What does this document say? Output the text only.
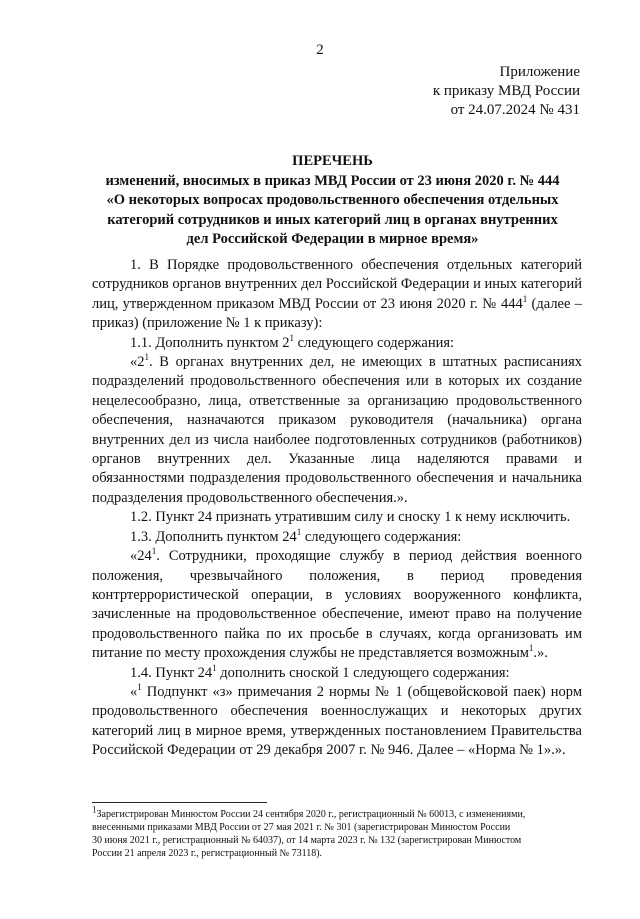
2
Приложение
к приказу МВД России
от 24.07.2024 № 431
ПЕРЕЧЕНЬ
изменений, вносимых в приказ МВД России от 23 июня 2020 г. № 444
«О некоторых вопросах продовольственного обеспечения отдельных
категорий сотрудников и иных категорий лиц в органах внутренних
дел Российской Федерации в мирное время»

1. В Порядке продовольственного обеспечения отдельных категорий сотрудников органов внутренних дел Российской Федерации и иных категорий лиц, утвержденном приказом МВД России от 23 июня 2020 г. № $444^1$ (далее – приказ) (приложение № 1 к приказу):

1.1. Дополнить пунктом $2^1$ следующего содержания:

«$2^1$. В органах внутренних дел, не имеющих в штатных расписаниях подразделений продовольственного обеспечения или в которых их создание нецелесообразно, лица, ответственные за организацию продовольственного обеспечения, назначаются приказом руководителя (начальника) органа внутренних дел из числа наиболее подготовленных сотрудников (работников) органов внутренних дел. Указанные лица наделяются правами и обязанностями подразделения продовольственного обеспечения и начальника подразделения продовольственного обеспечения.».

1.2. Пункт 24 признать утратившим силу и сноску 1 к нему исключить.

1.3. Дополнить пунктом $24^1$ следующего содержания:

«$24^1$. Сотрудники, проходящие службу в период действия военного положения, чрезвычайного положения, в период проведения контртеррористической операции, в условиях вооруженного конфликта, зачисленные на продовольственное обеспечение, имеют право на получение продовольственного пайка по их просьбе в случаях, когда организовать им питание по месту прохождения службы не представляется возможным$^1$.».

1.4. Пункт $24^1$ дополнить сноской 1 следующего содержания:

«$^1$ Подпункт «з» примечания 2 нормы № 1 (общевойсковой паек) норм продовольственного обеспечения военнослужащих и некоторых других категорий лиц в мирное время, утвержденных постановлением Правительства Российской Федерации от 29 декабря 2007 г. № 946. Далее – «Норма № 1».».

$^1$Зарегистрирован Минюстом России 24 сентября 2020 г., регистрационный № 60013, с изменениями,
внесенными приказами МВД России от 27 мая 2021 г. № 301 (зарегистрирован Минюстом России
30 июня 2021 г., регистрационный № 64037), от 14 марта 2023 г. № 132 (зарегистрирован Минюстом
России 21 апреля 2023 г., регистрационный № 73118).
